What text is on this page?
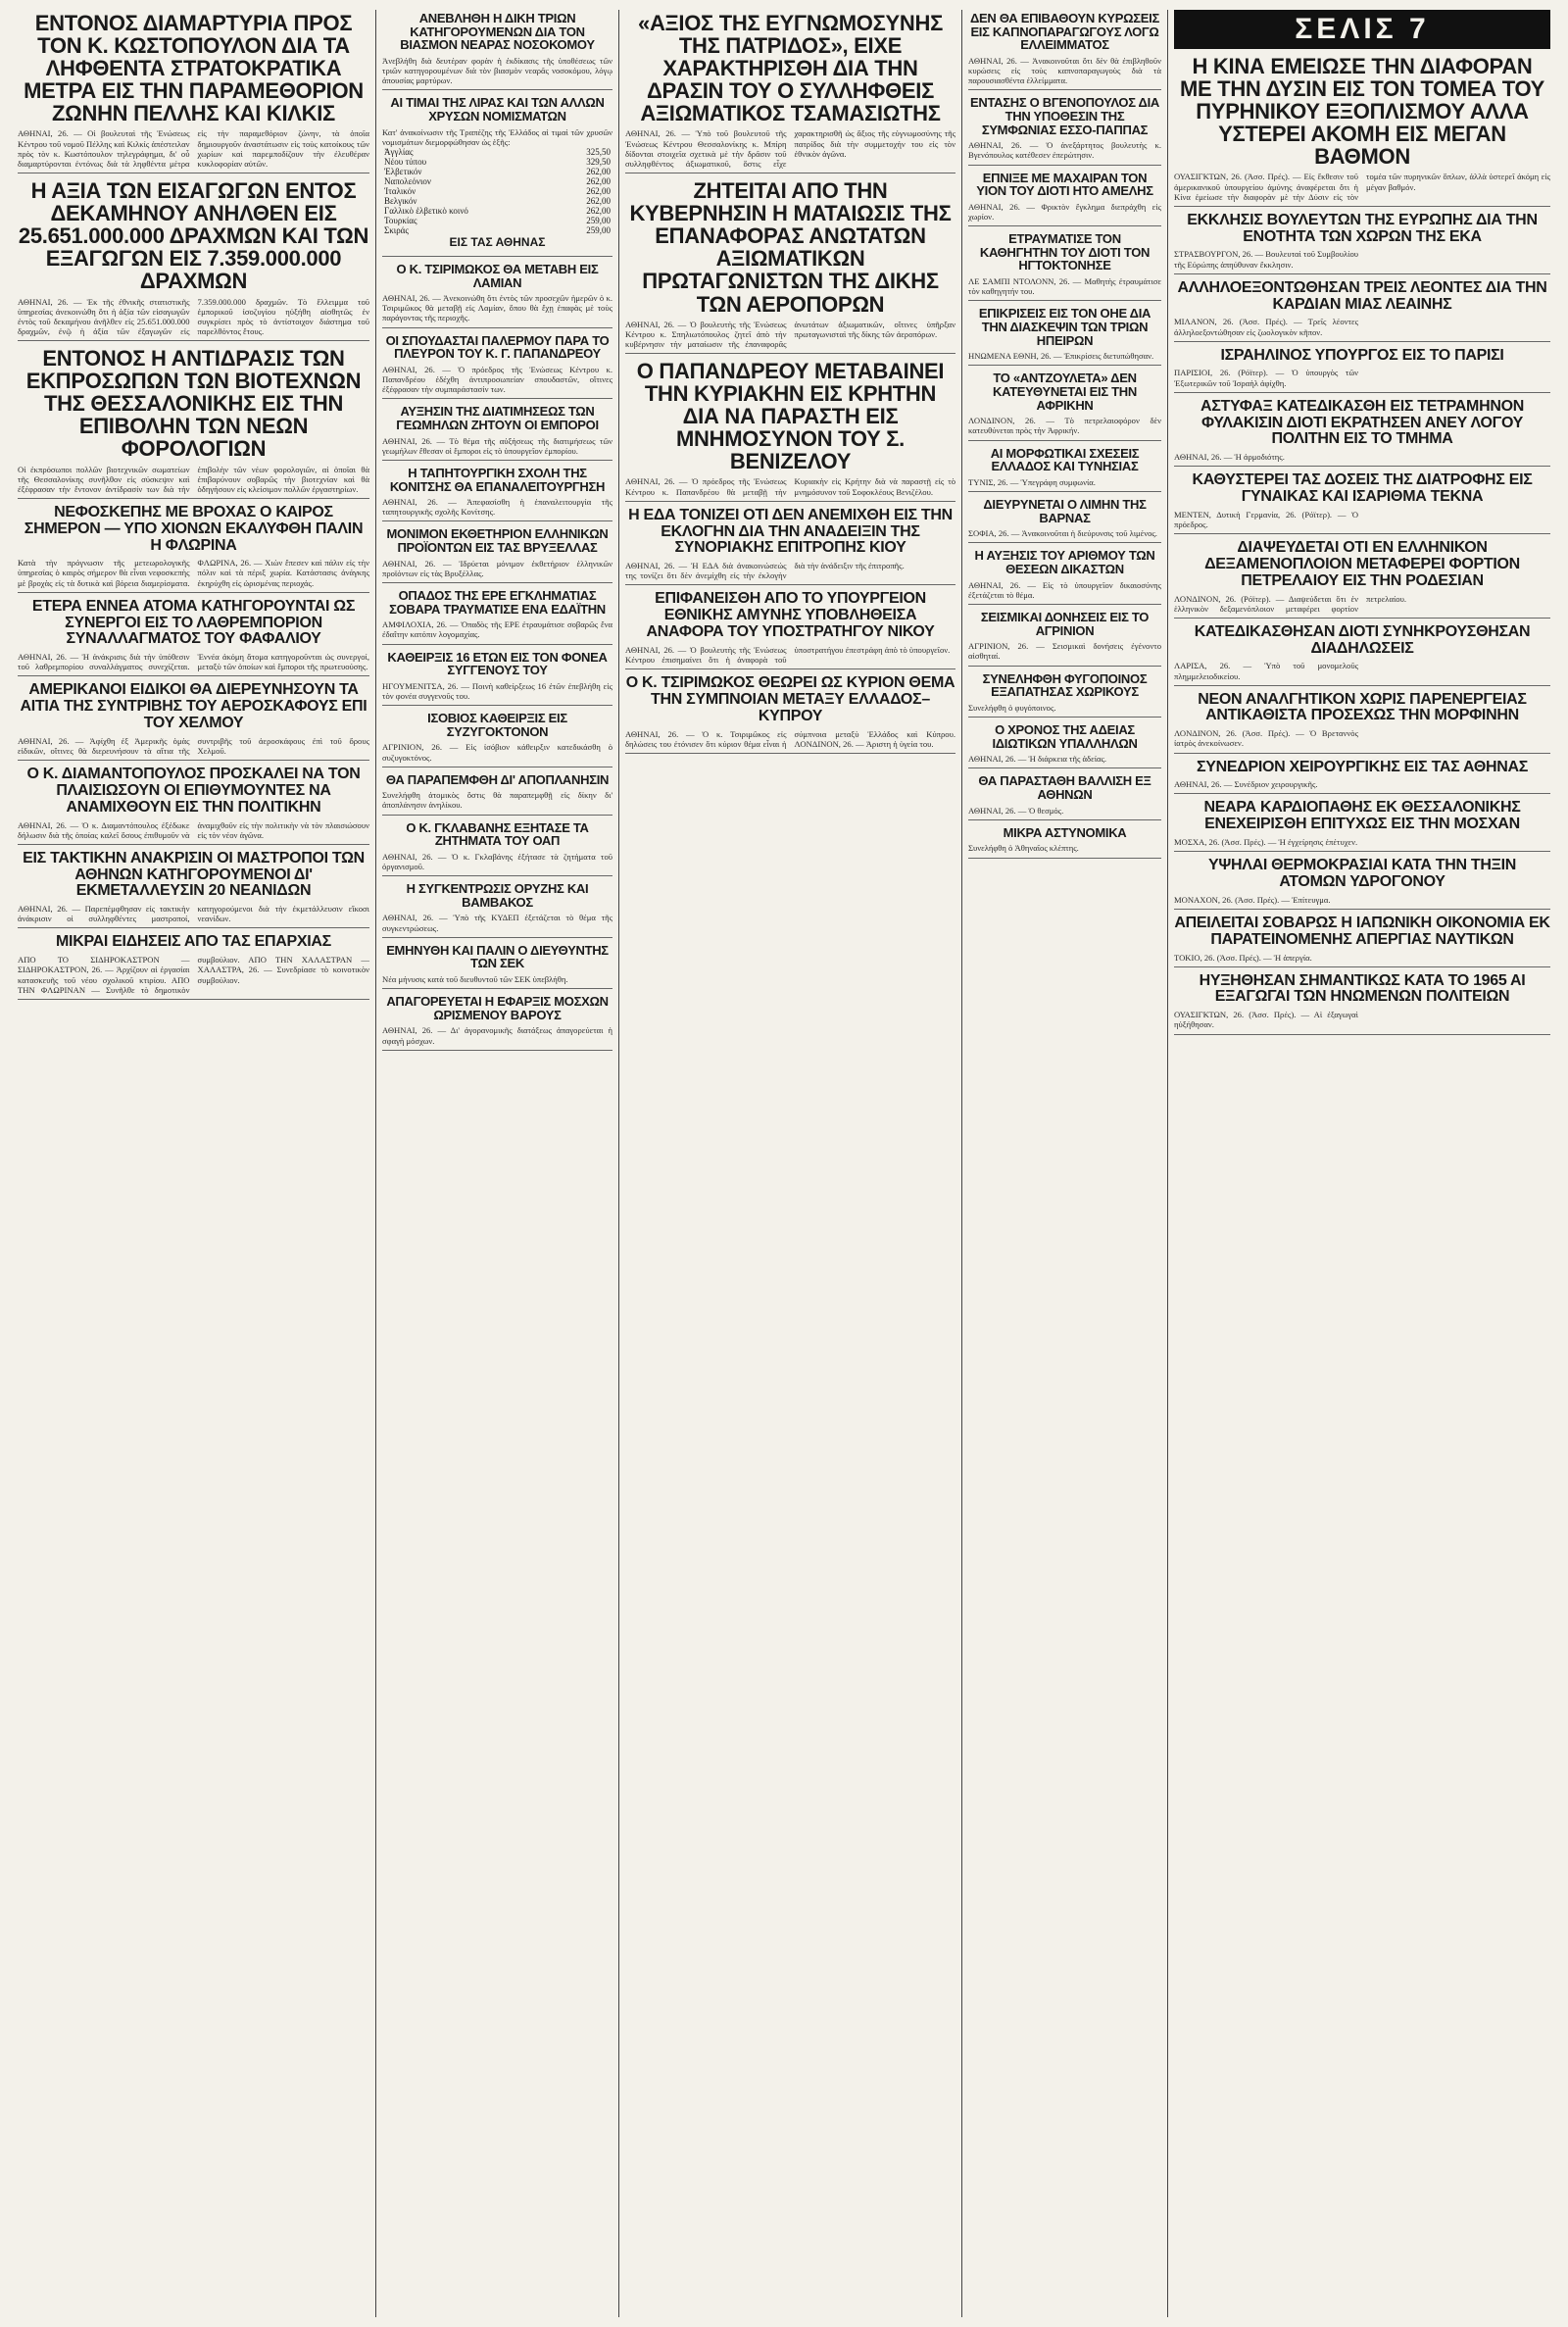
ΕΝΤΟΝΟΣ ΔΙΑΜΑΡΤΥΡΙΑ ΠΡΟΣ ΤΟΝ Κ. ΚΩΣΤΟΠΟΥΛΟΝ ΔΙΑ ΤΑ ΛΗΦΘΕΝΤΑ ΣΤΡΑΤΟΚΡΑΤΙΚΑ ΜΕΤΡΑ ΕΙΣ ΤΗΝ ΠΑΡΑΜΕΘΟΡΙΟΝ ΖΩΝΗΝ ΠΕΛΛΗΣ ΚΑΙ ΚΙΛΚΙΣ
ΑΘΗΝΑΙ, 26. — Οἱ βουλευταὶ τῆς Ἑνώσεως Κέντρου τοῦ νομοῦ Πέλλης καὶ Κιλκίς ἀπέστειλαν πρὸς τὸν κ. Κωστόπουλον τηλεγράφημα, δι' οὗ διαμαρτύρονται ἐντόνως διὰ τὰ ληφθέντα μέτρα εἰς τὴν παραμεθόριον ζώνην, τὰ ὁποῖα δημιουργοῦν ἀναστάτωσιν εἰς τοὺς κατοίκους τῶν χωρίων καὶ παρεμποδίζουν τὴν ἐλευθέραν κυκλοφορίαν αὐτῶν.
Η ΑΞΙΑ ΤΩΝ ΕΙΣΑΓΩΓΩΝ ΕΝΤΟΣ ΔΕΚΑΜΗΝΟΥ ΑΝΗΛΘΕΝ ΕΙΣ 25.651.000.000 ΔΡΑΧΜΩΝ ΚΑΙ ΤΩΝ ΕΞΑΓΩΓΩΝ ΕΙΣ 7.359.000.000 ΔΡΑΧΜΩΝ
ΑΘΗΝΑΙ, 26. — Ἐκ τῆς ἐθνικῆς στατιστικῆς ὑπηρεσίας ἀνεκοινώθη ὅτι ἡ ἀξία τῶν εἰσαγωγῶν ἐντὸς τοῦ δεκαμήνου ἀνῆλθεν εἰς 25.651.000.000 δραχμῶν, ἐνῷ ἡ ἀξία τῶν ἐξαγωγῶν εἰς 7.359.000.000 δραχμῶν. Τὸ ἔλλειμμα τοῦ ἐμπορικοῦ ἰσοζυγίου ηὐξήθη αἰσθητῶς ἐν συγκρίσει πρὸς τὸ ἀντίστοιχον διάστημα τοῦ παρελθόντος ἔτους.
ΕΝΤΟΝΟΣ Η ΑΝΤΙΔΡΑΣΙΣ ΤΩΝ ΕΚΠΡΟΣΩΠΩΝ ΤΩΝ ΒΙΟΤΕΧΝΩΝ ΤΗΣ ΘΕΣΣΑΛΟΝΙΚΗΣ ΕΙΣ ΤΗΝ ΕΠΙΒΟΛΗΝ ΤΩΝ ΝΕΩΝ ΦΟΡΟΛΟΓΙΩΝ
Οἱ ἐκπρόσωποι πολλῶν βιοτεχνικῶν σωματείων τῆς Θεσσαλονίκης συνῆλθον εἰς σύσκεψιν καὶ ἐξέφρασαν τὴν ἔντονον ἀντίδρασίν των διὰ τὴν ἐπιβολὴν τῶν νέων φορολογιῶν, αἱ ὁποῖαι θὰ ἐπιβαρύνουν σοβαρῶς τὴν βιοτεχνίαν καὶ θὰ ὁδηγήσουν εἰς κλείσιμον πολλῶν ἐργαστηρίων.
ΝΕΦΟΣΚΕΠΗΣ ΜΕ ΒΡΟΧΑΣ Ο ΚΑΙΡΟΣ ΣΗΜΕΡΟΝ — ΥΠΟ ΧΙΟΝΩΝ ΕΚΑΛΥΦΘΗ ΠΑΛΙΝ Η ΦΛΩΡΙΝΑ
Κατὰ τὴν πρόγνωσιν τῆς μετεωρολογικῆς ὑπηρεσίας ὁ καιρὸς σήμερον θὰ εἶναι νεφοσκεπὴς μὲ βροχὰς εἰς τὰ δυτικὰ καὶ βόρεια διαμερίσματα. ΦΛΩΡΙΝΑ, 26. — Χιὼν ἔπεσεν καὶ πάλιν εἰς τὴν πόλιν καὶ τὰ πέριξ χωρία. Κατάστασις ἀνάγκης ἐκηρύχθη εἰς ὡρισμένας περιοχάς.
ΕΤΕΡΑ ΕΝΝΕΑ ΑΤΟΜΑ ΚΑΤΗΓΟΡΟΥΝΤΑΙ ΩΣ ΣΥΝΕΡΓΟΙ ΕΙΣ ΤΟ ΛΑΘΡΕΜΠΟΡΙΟΝ ΣΥΝΑΛΛΑΓΜΑΤΟΣ ΤΟΥ ΦΑΦΑΛΙΟΥ
ΑΘΗΝΑΙ, 26. — Ἡ ἀνάκρισις διὰ τὴν ὑπόθεσιν τοῦ λαθρεμπορίου συναλλάγματος συνεχίζεται. Ἐννέα ἀκόμη ἄτομα κατηγοροῦνται ὡς συνεργοί, μεταξὺ τῶν ὁποίων καὶ ἔμποροι τῆς πρωτευούσης.
ΑΜΕΡΙΚΑΝΟΙ ΕΙΔΙΚΟΙ ΘΑ ΔΙΕΡΕΥΝΗΣΟΥΝ ΤΑ ΑΙΤΙΑ ΤΗΣ ΣΥΝΤΡΙΒΗΣ ΤΟΥ ΑΕΡΟΣΚΑΦΟΥΣ ΕΠΙ ΤΟΥ ΧΕΛΜΟΥ
ΑΘΗΝΑΙ, 26. — Ἀφίχθη ἐξ Ἀμερικῆς ὁμὰς εἰδικῶν, οἵτινες θὰ διερευνήσουν τὰ αἴτια τῆς συντριβῆς τοῦ ἀεροσκάφους ἐπὶ τοῦ ὄρους Χελμοῦ.
Ο Κ. ΔΙΑΜΑΝΤΟΠΟΥΛΟΣ ΠΡΟΣΚΑΛΕΙ ΝΑ ΤΟΝ ΠΛΑΙΣΙΩΣΟΥΝ ΟΙ ΕΠΙΘΥΜΟΥΝΤΕΣ ΝΑ ΑΝΑΜΙΧΘΟΥΝ ΕΙΣ ΤΗΝ ΠΟΛΙΤΙΚΗΝ
ΑΘΗΝΑΙ, 26. — Ὁ κ. Διαμαντόπουλος ἐξέδωκε δήλωσιν διὰ τῆς ὁποίας καλεῖ ὅσους ἐπιθυμοῦν νὰ ἀναμιχθοῦν εἰς τὴν πολιτικὴν νὰ τὸν πλαισιώσουν εἰς τὸν νέον ἀγῶνα.
ΕΙΣ ΤΑΚΤΙΚΗΝ ΑΝΑΚΡΙΣΙΝ ΟΙ ΜΑΣΤΡΟΠΟΙ ΤΩΝ ΑΘΗΝΩΝ ΚΑΤΗΓΟΡΟΥΜΕΝΟΙ ΔΙ' ΕΚΜΕΤΑΛΛΕΥΣΙΝ 20 ΝΕΑΝΙΔΩΝ
ΑΘΗΝΑΙ, 26. — Παρεπέμφθησαν εἰς τακτικὴν ἀνάκρισιν οἱ συλληφθέντες μαστροποί, κατηγορούμενοι διὰ τὴν ἐκμετάλλευσιν εἴκοσι νεανίδων.
ΜΙΚΡΑΙ ΕΙΔΗΣΕΙΣ ΑΠΟ ΤΑΣ ΕΠΑΡΧΙΑΣ
ΑΠΟ ΤΟ ΣΙΔΗΡΟΚΑΣΤΡΟΝ — ΣΙΔΗΡΟΚΑΣΤΡΟΝ, 26. — Ἀρχίζουν αἱ ἐργασίαι κατασκευῆς τοῦ νέου σχολικοῦ κτιρίου. ΑΠΟ ΤΗΝ ΦΛΩΡΙΝΑΝ — Συνῆλθε τὸ δημοτικὸν συμβούλιον. ΑΠΟ ΤΗΝ ΧΑΛΑΣΤΡΑΝ — ΧΑΛΑΣΤΡΑ, 26. — Συνεδρίασε τὸ κοινοτικὸν συμβούλιον.
ΑΝΕΒΛΗΘΗ Η ΔΙΚΗ ΤΡΙΩΝ ΚΑΤΗΓΟΡΟΥΜΕΝΩΝ ΔΙΑ ΤΟΝ ΒΙΑΣΜΟΝ ΝΕΑΡΑΣ ΝΟΣΟΚΟΜΟΥ
Ἀνεβλήθη διὰ δευτέραν φορὰν ἡ ἐκδίκασις τῆς ὑποθέσεως τῶν τριῶν κατηγορουμένων διὰ τὸν βιασμὸν νεαρᾶς νοσοκόμου, λόγῳ ἀπουσίας μαρτύρων.
ΑΙ ΤΙΜΑΙ ΤΗΣ ΛΙΡΑΣ ΚΑΙ ΤΩΝ ΑΛΛΩΝ ΧΡΥΣΩΝ ΝΟΜΙΣΜΑΤΩΝ
Κατ' ἀνακοίνωσιν τῆς Τραπέζης τῆς Ἑλλάδος αἱ τιμαὶ τῶν χρυσῶν νομισμάτων διεμορφώθησαν ὡς ἑξῆς:
Ἀγγλίας	325,50
Νέου τύπου	329,50
Ἑλβετικόν	262,00
Ναπολεόνιον	262,00
Ἰταλικόν	262,00
Βελγικόν	262,00
Γαλλικὸ ἑλβετικὸ κοινό	262,00
Τουρκίας	259,00
Σκιράς	259,00
ΕΙΣ ΤΑΣ ΑΘΗΝΑΣ
Ο Κ. ΤΣΙΡΙΜΩΚΟΣ ΘΑ ΜΕΤΑΒΗ ΕΙΣ ΛΑΜΙΑΝ
ΑΘΗΝΑΙ, 26. — Ἀνεκοινώθη ὅτι ἐντὸς τῶν προσεχῶν ἡμερῶν ὁ κ. Τσιριμῶκος θὰ μεταβῇ εἰς Λαμίαν, ὅπου θὰ ἔχῃ ἐπαφὰς μὲ τοὺς παράγοντας τῆς περιοχῆς.
ΟΙ ΣΠΟΥΔΑΣΤΑΙ ΠΑΛΕΡΜΟΥ ΠΑΡΑ ΤΟ ΠΛΕΥΡΟΝ ΤΟΥ Κ. Γ. ΠΑΠΑΝΔΡΕΟΥ
ΑΘΗΝΑΙ, 26. — Ὁ πρόεδρος τῆς Ἑνώσεως Κέντρου κ. Παπανδρέου ἐδέχθη ἀντιπροσωπείαν σπουδαστῶν, οἵτινες ἐξέφρασαν τὴν συμπαράστασίν των.
ΑΥΞΗΣΙΝ ΤΗΣ ΔΙΑΤΙΜΗΣΕΩΣ ΤΩΝ ΓΕΩΜΗΛΩΝ ΖΗΤΟΥΝ ΟΙ ΕΜΠΟΡΟΙ
ΑΘΗΝΑΙ, 26. — Τὸ θέμα τῆς αὐξήσεως τῆς διατιμήσεως τῶν γεωμήλων ἔθεσαν οἱ ἔμποροι εἰς τὸ ὑπουργεῖον ἐμπορίου.
Η ΤΑΠΗΤΟΥΡΓΙΚΗ ΣΧΟΛΗ ΤΗΣ ΚΟΝΙΤΣΗΣ ΘΑ ΕΠΑΝΑΛΕΙΤΟΥΡΓΗΣΗ
ΑΘΗΝΑΙ, 26. — Ἀπεφασίσθη ἡ ἐπαναλειτουργία τῆς ταπητουργικῆς σχολῆς Κονίτσης.
ΜΟΝΙΜΟΝ ΕΚΘΕΤΗΡΙΟΝ ΕΛΛΗΝΙΚΩΝ ΠΡΟΪΟΝΤΩΝ ΕΙΣ ΤΑΣ ΒΡΥΞΕΛΛΑΣ
ΑΘΗΝΑΙ, 26. — Ἱδρύεται μόνιμον ἐκθετήριον ἑλληνικῶν προϊόντων εἰς τὰς Βρυξέλλας.
ΟΠΑΔΟΣ ΤΗΣ ΕΡΕ ΕΓΚΛΗΜΑΤΙΑΣ ΣΟΒΑΡΑ ΤΡΑΥΜΑΤΙΣΕ ΕΝΑ ΕΔΑΪΤΗΝ
ΑΜΦΙΛΟΧΙΑ, 26. — Ὀπαδὸς τῆς ΕΡΕ ἐτραυμάτισε σοβαρῶς ἕνα ἐδαΐτην κατόπιν λογομαχίας.
ΚΑΘΕΙΡΞΙΣ 16 ΕΤΩΝ ΕΙΣ ΤΟΝ ΦΟΝΕΑ ΣΥΓΓΕΝΟΥΣ ΤΟΥ
ΗΓΟΥΜΕΝΙΤΣΑ, 26. — Ποινὴ καθείρξεως 16 ἐτῶν ἐπεβλήθη εἰς τὸν φονέα συγγενοῦς του.
ΙΣΟΒΙΟΣ ΚΑΘΕΙΡΞΙΣ ΕΙΣ ΣΥΖΥΓΟΚΤΟΝΟΝ
ΑΓΡΙΝΙΟΝ, 26. — Εἰς ἰσόβιον κάθειρξιν κατεδικάσθη ὁ συζυγοκτόνος.
ΘΑ ΠΑΡΑΠΕΜΦΘΗ ΔΙ' ΑΠΟΠΛΑΝΗΣΙΝ
Συνελήφθη ἀτομικὸς ὅστις θὰ παραπεμφθῇ εἰς δίκην δι' ἀποπλάνησιν ἀνηλίκου.
Ο Κ. ΓΚΛΑΒΑΝΗΣ ΕΞΗΤΑΣΕ ΤΑ ΖΗΤΗΜΑΤΑ ΤΟΥ ΟΑΠ
ΑΘΗΝΑΙ, 26. — Ὁ κ. Γκλαβάνης ἐξήτασε τὰ ζητήματα τοῦ ὀργανισμοῦ.
Η ΣΥΓΚΕΝΤΡΩΣΙΣ ΟΡΥΖΗΣ ΚΑΙ ΒΑΜΒΑΚΟΣ
ΑΘΗΝΑΙ, 26. — Ὑπὸ τῆς ΚΥΔΕΠ ἐξετάζεται τὸ θέμα τῆς συγκεντρώσεως.
ΕΜΗΝΥΘΗ ΚΑΙ ΠΑΛΙΝ Ο ΔΙΕΥΘΥΝΤΗΣ ΤΩΝ ΣΕΚ
Νέα μήνυσις κατὰ τοῦ διευθυντοῦ τῶν ΣΕΚ ὑπεβλήθη.
ΑΠΑΓΟΡΕΥΕΤΑΙ Η ΕΦΑΡΞΙΣ ΜΟΣΧΩΝ ΩΡΙΣΜΕΝΟΥ ΒΑΡΟΥΣ
ΑΘΗΝΑΙ, 26. — Δι' ἀγορανομικῆς διατάξεως ἀπαγορεύεται ἡ σφαγὴ μόσχων.
«ΑΞΙΟΣ ΤΗΣ ΕΥΓΝΩΜΟΣΥΝΗΣ ΤΗΣ ΠΑΤΡΙΔΟΣ», ΕΙΧΕ ΧΑΡΑΚΤΗΡΙΣΘΗ ΔΙΑ ΤΗΝ ΔΡΑΣΙΝ ΤΟΥ Ο ΣΥΛΛΗΦΘΕΙΣ ΑΞΙΩΜΑΤΙΚΟΣ ΤΣΑΜΑΣΙΩΤΗΣ
ΑΘΗΝΑΙ, 26. — Ὑπὸ τοῦ βουλευτοῦ τῆς Ἑνώσεως Κέντρου Θεσσαλονίκης κ. Μπίρη δίδονται στοιχεῖα σχετικὰ μὲ τὴν δρᾶσιν τοῦ συλληφθέντος ἀξιωματικοῦ, ὅστις εἶχε χαρακτηρισθῆ ὡς ἄξιος τῆς εὐγνωμοσύνης τῆς πατρίδος διὰ τὴν συμμετοχήν του εἰς τὸν ἐθνικὸν ἀγῶνα.
ΖΗΤΕΙΤΑΙ ΑΠΟ ΤΗΝ ΚΥΒΕΡΝΗΣΙΝ Η ΜΑΤΑΙΩΣΙΣ ΤΗΣ ΕΠΑΝΑΦΟΡΑΣ ΑΝΩΤΑΤΩΝ ΑΞΙΩΜΑΤΙΚΩΝ ΠΡΩΤΑΓΩΝΙΣΤΩΝ ΤΗΣ ΔΙΚΗΣ ΤΩΝ ΑΕΡΟΠΟΡΩΝ
ΑΘΗΝΑΙ, 26. — Ὁ βουλευτὴς τῆς Ἑνώσεως Κέντρου κ. Σπηλιωτόπουλος ζητεῖ ἀπὸ τὴν κυβέρνησιν τὴν ματαίωσιν τῆς ἐπαναφορᾶς ἀνωτάτων ἀξιωματικῶν, οἵτινες ὑπῆρξαν πρωταγωνισταὶ τῆς δίκης τῶν ἀεροπόρων.
Ο ΠΑΠΑΝΔΡΕΟΥ ΜΕΤΑΒΑΙΝΕΙ ΤΗΝ ΚΥΡΙΑΚΗΝ ΕΙΣ ΚΡΗΤΗΝ ΔΙΑ ΝΑ ΠΑΡΑΣΤΗ ΕΙΣ ΜΝΗΜΟΣΥΝΟΝ ΤΟΥ Σ. ΒΕΝΙΖΕΛΟΥ
ΑΘΗΝΑΙ, 26. — Ὁ πρόεδρος τῆς Ἑνώσεως Κέντρου κ. Παπανδρέου θὰ μεταβῇ τὴν Κυριακὴν εἰς Κρήτην διὰ νὰ παραστῇ εἰς τὸ μνημόσυνον τοῦ Σοφοκλέους Βενιζέλου.
Η ΕΔΑ ΤΟΝΙΖΕΙ ΟΤΙ ΔΕΝ ΑΝΕΜΙΧΘΗ ΕΙΣ ΤΗΝ ΕΚΛΟΓΗΝ ΔΙΑ ΤΗΝ ΑΝΑΔΕΙΞΙΝ ΤΗΣ ΣΥΝΟΡΙΑΚΗΣ ΕΠΙΤΡΟΠΗΣ ΚΙΟΥ
ΑΘΗΝΑΙ, 26. — Ἡ ΕΔΑ διὰ ἀνακοινώσεώς της τονίζει ὅτι δὲν ἀνεμίχθη εἰς τὴν ἐκλογὴν διὰ τὴν ἀνάδειξιν τῆς ἐπιτροπῆς.
ΕΠΙΦΑΝΕΙΣΘΗ ΑΠΟ ΤΟ ΥΠΟΥΡΓΕΙΟΝ ΕΘΝΙΚΗΣ ΑΜΥΝΗΣ ΥΠΟΒΛΗΘΕΙΣΑ ΑΝΑΦΟΡΑ ΤΟΥ ΥΠΟΣΤΡΑΤΗΓΟΥ ΝΙΚΟΥ
ΑΘΗΝΑΙ, 26. — Ὁ βουλευτὴς τῆς Ἑνώσεως Κέντρου ἐπισημαίνει ὅτι ἡ ἀναφορὰ τοῦ ὑποστρατήγου ἐπεστράφη ἀπὸ τὸ ὑπουργεῖον.
Ο Κ. ΤΣΙΡΙΜΩΚΟΣ ΘΕΩΡΕΙ ΩΣ ΚΥΡΙΟΝ ΘΕΜΑ ΤΗΝ ΣΥΜΠΝΟΙΑΝ ΜΕΤΑΞΥ ΕΛΛΑΔΟΣ–ΚΥΠΡΟΥ
ΑΘΗΝΑΙ, 26. — Ὁ κ. Τσιριμῶκος εἰς δηλώσεις του ἐτόνισεν ὅτι κύριον θέμα εἶναι ἡ σύμπνοια μεταξὺ Ἑλλάδος καὶ Κύπρου. ΛΟΝΔΙΝΟΝ, 26. — Ἀριστη ἡ ὑγεία του.
ΔΕΝ ΘΑ ΕΠΙΒΑΘΟΥΝ ΚΥΡΩΣΕΙΣ ΕΙΣ ΚΑΠΝΟΠΑΡΑΓΩΓΟΥΣ ΛΟΓΩ ΕΛΛΕΙΜΜΑΤΟΣ
ΑΘΗΝΑΙ, 26. — Ἀνακοινοῦται ὅτι δὲν θὰ ἐπιβληθοῦν κυρώσεις εἰς τοὺς καπνοπαραγωγοὺς διὰ τὰ παρουσιασθέντα ἐλλείμματα.
ΕΝΤΑΣΗΣ Ο ΒΓΕΝΟΠΟΥΛΟΣ ΔΙΑ ΤΗΝ ΥΠΟΘΕΣΙΝ ΤΗΣ ΣΥΜΦΩΝΙΑΣ ΕΣΣΟ-ΠΑΠΠΑΣ
ΑΘΗΝΑΙ, 26. — Ὁ ἀνεξάρτητος βουλευτὴς κ. Βγενόπουλος κατέθεσεν ἐπερώτησιν.
ΕΠΝΙΞΕ ΜΕ ΜΑΧΑΙΡΑΝ ΤΟΝ ΥΙΟΝ ΤΟΥ ΔΙΟΤΙ ΗΤΟ ΑΜΕΛΗΣ
ΑΘΗΝΑΙ, 26. — Φρικτὸν ἔγκλημα διεπράχθη εἰς χωρίον.
ΕΤΡΑΥΜΑΤΙΣΕ ΤΟΝ ΚΑΘΗΓΗΤΗΝ ΤΟΥ ΔΙΟΤΙ ΤΟΝ ΗΓΤΟΚΤΟΝΗΣΕ
ΛΕ ΣΑΜΠΙ ΝΤΟΛΟΝΝ, 26. — Μαθητὴς ἐτραυμάτισε τὸν καθηγητήν του.
ΕΠΙΚΡΙΣΕΙΣ ΕΙΣ ΤΟΝ ΟΗΕ ΔΙΑ ΤΗΝ ΔΙΑΣΚΕΨΙΝ ΤΩΝ ΤΡΙΩΝ ΗΠΕΙΡΩΝ
ΗΝΩΜΕΝΑ ΕΘΝΗ, 26. — Ἐπικρίσεις διετυπώθησαν.
ΤΟ «ΑΝΤΖΟΥΛΕΤΑ» ΔΕΝ ΚΑΤΕΥΘΥΝΕΤΑΙ ΕΙΣ ΤΗΝ ΑΦΡΙΚΗΝ
ΛΟΝΔΙΝΟΝ, 26. — Τὸ πετρελαιοφόρον δὲν κατευθύνεται πρὸς τὴν Ἀφρικήν.
ΑΙ ΜΟΡΦΩΤΙΚΑΙ ΣΧΕΣΕΙΣ ΕΛΛΑΔΟΣ ΚΑΙ ΤΥΝΗΣΙΑΣ
ΤΥΝΙΣ, 26. — Ὑπεγράφη συμφωνία.
ΔΙΕΥΡΥΝΕΤΑΙ Ο ΛΙΜΗΝ ΤΗΣ ΒΑΡΝΑΣ
ΣΟΦΙΑ, 26. — Ἀνακοινοῦται ἡ διεύρυνσις τοῦ λιμένος.
Η ΑΥΞΗΣΙΣ ΤΟΥ ΑΡΙΘΜΟΥ ΤΩΝ ΘΕΣΕΩΝ ΔΙΚΑΣΤΩΝ
ΑΘΗΝΑΙ, 26. — Εἰς τὸ ὑπουργεῖον δικαιοσύνης ἐξετάζεται τὸ θέμα.
ΣΕΙΣΜΙΚΑΙ ΔΟΝΗΣΕΙΣ ΕΙΣ ΤΟ ΑΓΡΙΝΙΟΝ
ΑΓΡΙΝΙΟΝ, 26. — Σεισμικαὶ δονήσεις ἐγένοντο αἰσθηταί.
ΣΥΝΕΛΗΦΘΗ ΦΥΓΟΠΟΙΝΟΣ ΕΞΑΠΑΤΗΣΑΣ ΧΩΡΙΚΟΥΣ
Συνελήφθη ὁ φυγόποινος.
Ο ΧΡΟΝΟΣ ΤΗΣ ΑΔΕΙΑΣ ΙΔΙΩΤΙΚΩΝ ΥΠΑΛΛΗΛΩΝ
ΑΘΗΝΑΙ, 26. — Ἡ διάρκεια τῆς ἀδείας.
ΘΑ ΠΑΡΑΣΤΑΘΗ ΒΑΛΛΙΣΗ ΕΞ ΑΘΗΝΩΝ
ΑΘΗΝΑΙ, 26. — Ὁ θεσμός.
ΜΙΚΡΑ ΑΣΤΥΝΟΜΙΚΑ
Συνελήφθη ὁ Ἀθηναῖος κλέπτης.
ΣΕΛΙΣ 7
Η ΚΙΝΑ ΕΜΕΙΩΣΕ ΤΗΝ ΔΙΑΦΟΡΑΝ ΜΕ ΤΗΝ ΔΥΣΙΝ ΕΙΣ ΤΟΝ ΤΟΜΕΑ ΤΟΥ ΠΥΡΗΝΙΚΟΥ ΕΞΟΠΛΙΣΜΟΥ ΑΛΛΑ ΥΣΤΕΡΕΙ ΑΚΟΜΗ ΕΙΣ ΜΕΓΑΝ ΒΑΘΜΟΝ
ΟΥΑΣΙΓΚΤΩΝ, 26. (Ἀσσ. Πρές). — Εἰς ἔκθεσιν τοῦ ἀμερικανικοῦ ὑπουργείου ἀμύνης ἀναφέρεται ὅτι ἡ Κίνα ἐμείωσε τὴν διαφορὰν μὲ τὴν Δύσιν εἰς τὸν τομέα τῶν πυρηνικῶν ὅπλων, ἀλλὰ ὑστερεῖ ἀκόμη εἰς μέγαν βαθμόν.
ΕΚΚΛΗΣΙΣ ΒΟΥΛΕΥΤΩΝ ΤΗΣ ΕΥΡΩΠΗΣ ΔΙΑ ΤΗΝ ΕΝΟΤΗΤΑ ΤΩΝ ΧΩΡΩΝ ΤΗΣ ΕΚΑ
ΣΤΡΑΣΒΟΥΡΓΟΝ, 26. — Βουλευταὶ τοῦ Συμβουλίου τῆς Εὐρώπης ἀπηύθυναν ἔκκλησιν.
ΑΛΛΗΛΟΕΞΟΝΤΩΘΗΣΑΝ ΤΡΕΙΣ ΛΕΟΝΤΕΣ ΔΙΑ ΤΗΝ ΚΑΡΔΙΑΝ ΜΙΑΣ ΛΕΑΙΝΗΣ
ΜΙΛΑΝΟΝ, 26. (Ἀσσ. Πρές). — Τρεῖς λέοντες ἀλληλοεξοντώθησαν εἰς ζωολογικὸν κῆπον.
ΙΣΡΑΗΛΙΝΟΣ ΥΠΟΥΡΓΟΣ ΕΙΣ ΤΟ ΠΑΡΙΣΙ
ΠΑΡΙΣΙΟΙ, 26. (Ρόϊτερ). — Ὁ ὑπουργὸς τῶν Ἐξωτερικῶν τοῦ Ἰσραὴλ ἀφίχθη.
ΑΣΤΥΦΑΞ ΚΑΤΕΔΙΚΑΣΘΗ ΕΙΣ ΤΕΤΡΑΜΗΝΟΝ ΦΥΛΑΚΙΣΙΝ ΔΙΟΤΙ ΕΚΡΑΤΗΣΕΝ ΑΝΕΥ ΛΟΓΟΥ ΠΟΛΙΤΗΝ ΕΙΣ ΤΟ ΤΜΗΜΑ
ΑΘΗΝΑΙ, 26. — Ἡ ἀρμοδιότης.
ΚΑΘΥΣΤΕΡΕΙ ΤΑΣ ΔΟΣΕΙΣ ΤΗΣ ΔΙΑΤΡΟΦΗΣ ΕΙΣ ΓΥΝΑΙΚΑΣ ΚΑΙ ΙΣΑΡΙΘΜΑ ΤΕΚΝΑ
ΜΕΝΤΕΝ, Δυτικὴ Γερμανία, 26. (Ρόϊτερ). — Ὁ πρόεδρος.
ΔΙΑΨΕΥΔΕΤΑΙ ΟΤΙ ΕΝ ΕΛΛΗΝΙΚΟΝ ΔΕΞΑΜΕΝΟΠΛΟΙΟΝ ΜΕΤΑΦΕΡΕΙ ΦΟΡΤΙΟΝ ΠΕΤΡΕΛΑΙΟΥ ΕΙΣ ΤΗΝ ΡΟΔΕΣΙΑΝ
ΛΟΝΔΙΝΟΝ, 26. (Ρόϊτερ). — Διαψεύδεται ὅτι ἐν ἑλληνικὸν δεξαμενόπλοιον μεταφέρει φορτίον πετρελαίου.
ΚΑΤΕΔΙΚΑΣΘΗΣΑΝ ΔΙΟΤΙ ΣΥΝΗΚΡΟΥΣΘΗΣΑΝ ΔΙΑΔΗΛΩΣΕΙΣ
ΛΑΡΙΣΑ, 26. — Ὑπὸ τοῦ μονομελοῦς πλημμελειοδικείου.
ΝΕΟΝ ΑΝΑΛΓΗΤΙΚΟΝ ΧΩΡΙΣ ΠΑΡΕΝΕΡΓΕΙΑΣ ΑΝΤΙΚΑΘΙΣΤΑ ΠΡΟΣΕΧΩΣ ΤΗΝ ΜΟΡΦΙΝΗΝ
ΛΟΝΔΙΝΟΝ, 26. (Ἀσσ. Πρές). — Ὁ Βρεταννὸς ἰατρὸς ἀνεκοίνωσεν.
ΣΥΝΕΔΡΙΟΝ ΧΕΙΡΟΥΡΓΙΚΗΣ ΕΙΣ ΤΑΣ ΑΘΗΝΑΣ
ΑΘΗΝΑΙ, 26. — Συνέδριον χειρουργικῆς.
ΝΕΑΡΑ ΚΑΡΔΙΟΠΑΘΗΣ ΕΚ ΘΕΣΣΑΛΟΝΙΚΗΣ ΕΝΕΧΕΙΡΙΣΘΗ ΕΠΙΤΥΧΩΣ ΕΙΣ ΤΗΝ ΜΟΣΧΑΝ
ΜΟΣΧΑ, 26. (Ἀσσ. Πρές). — Ἡ ἐγχείρησις ἐπέτυχεν.
ΥΨΗΛΑΙ ΘΕΡΜΟΚΡΑΣΙΑΙ ΚΑΤΑ ΤΗΝ ΤΗΞΙΝ ΑΤΟΜΩΝ ΥΔΡΟΓΟΝΟΥ
ΜΟΝΑΧΟΝ, 26. (Ἀσσ. Πρές). — Ἐπίτευγμα.
ΑΠΕΙΛΕΙΤΑΙ ΣΟΒΑΡΩΣ Η ΙΑΠΩΝΙΚΗ ΟΙΚΟΝΟΜΙΑ ΕΚ ΠΑΡΑΤΕΙΝΟΜΕΝΗΣ ΑΠΕΡΓΙΑΣ ΝΑΥΤΙΚΩΝ
ΤΟΚΙΟ, 26. (Ἀσσ. Πρές). — Ἡ ἀπεργία.
ΗΥΞΗΘΗΣΑΝ ΣΗΜΑΝΤΙΚΩΣ ΚΑΤΑ ΤΟ 1965 ΑΙ ΕΞΑΓΩΓΑΙ ΤΩΝ ΗΝΩΜΕΝΩΝ ΠΟΛΙΤΕΙΩΝ
ΟΥΑΣΙΓΚΤΩΝ, 26. (Ἀσσ. Πρές). — Αἱ ἐξαγωγαὶ ηὐξήθησαν.
